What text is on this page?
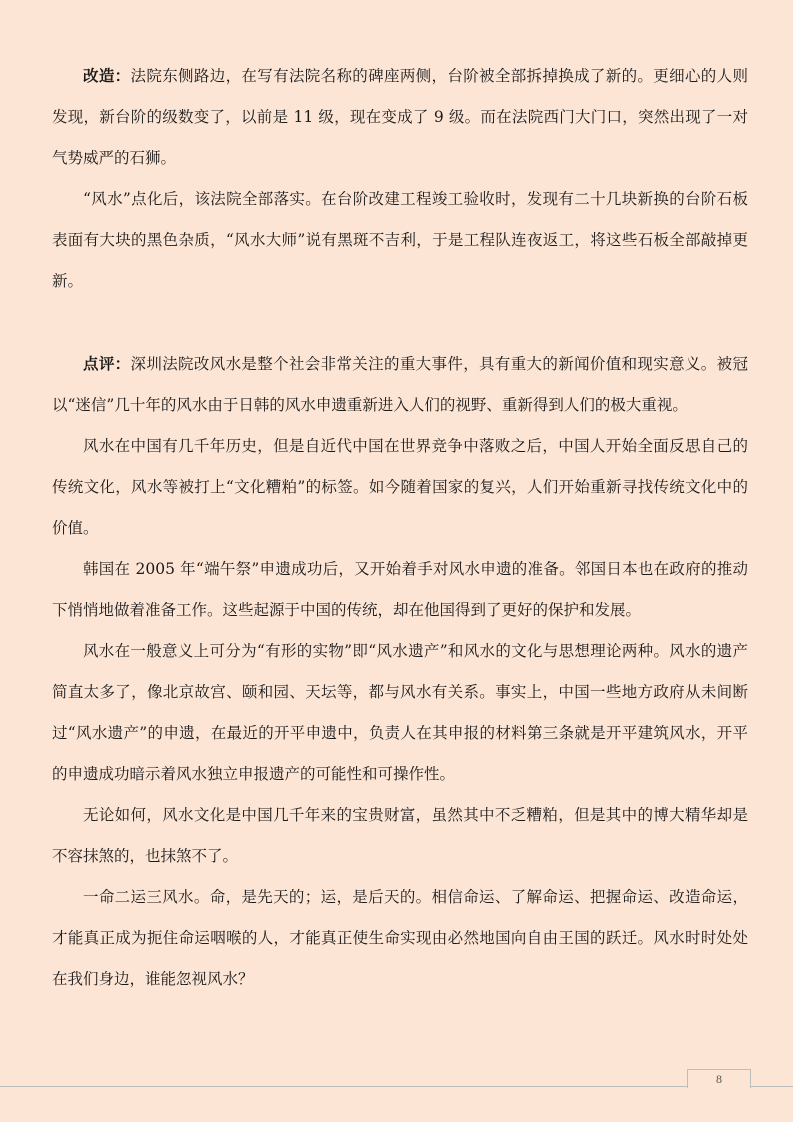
改造：法院东侧路边，在写有法院名称的碑座两侧，台阶被全部拆掉换成了新的。更细心的人则发现，新台阶的级数变了，以前是 11 级，现在变成了 9 级。而在法院西门大门口，突然出现了一对气势威严的石狮。

“风水”点化后，该法院全部落实。在台阶改建工程竣工验收时，发现有二十几块新换的台阶石板表面有大块的黑色杂质，“风水大师”说有黑斑不吉利，于是工程队连夜返工，将这些石板全部敲掉更新。

点评：深圳法院改风水是整个社会非常关注的重大事件，具有重大的新闻价值和现实意义。被冠以“迷信”几十年的风水由于日韩的风水申遗重新进入人们的视野、重新得到人们的极大重视。

风水在中国有几千年历史，但是自近代中国在世界竞争中落败之后，中国人开始全面反思自己的传统文化，风水等被打上“文化糟粕”的标签。如今随着国家的复兴，人们开始重新寻找传统文化中的价值。

韩国在 2005 年“端午祭”申遗成功后，又开始着手对风水申遗的准备。邻国日本也在政府的推动下悄悄地做着准备工作。这些起源于中国的传统，却在他国得到了更好的保护和发展。

风水在一般意义上可分为“有形的实物”即“风水遗产”和风水的文化与思想理论两种。风水的遗产简直太多了，像北京故宫、颐和园、天坛等，都与风水有关系。事实上，中国一些地方政府从未间断过“风水遗产”的申遗，在最近的开平申遗中，负责人在其申报的材料第三条就是开平建筑风水，开平的申遗成功暗示着风水独立申报遗产的可能性和可操作性。

无论如何，风水文化是中国几千年来的宝贵财富，虽然其中不乏糟粕，但是其中的博大精华却是不容抹煞的，也抹煞不了。

一命二运三风水。命，是先天的；运，是后天的。相信命运、了解命运、把握命运、改造命运，才能真正成为扼住命运咽喉的人，才能真正使生命实现由必然地国向自由王国的跃迁。风水时时处处在我们身边，谁能忽视风水？

8
